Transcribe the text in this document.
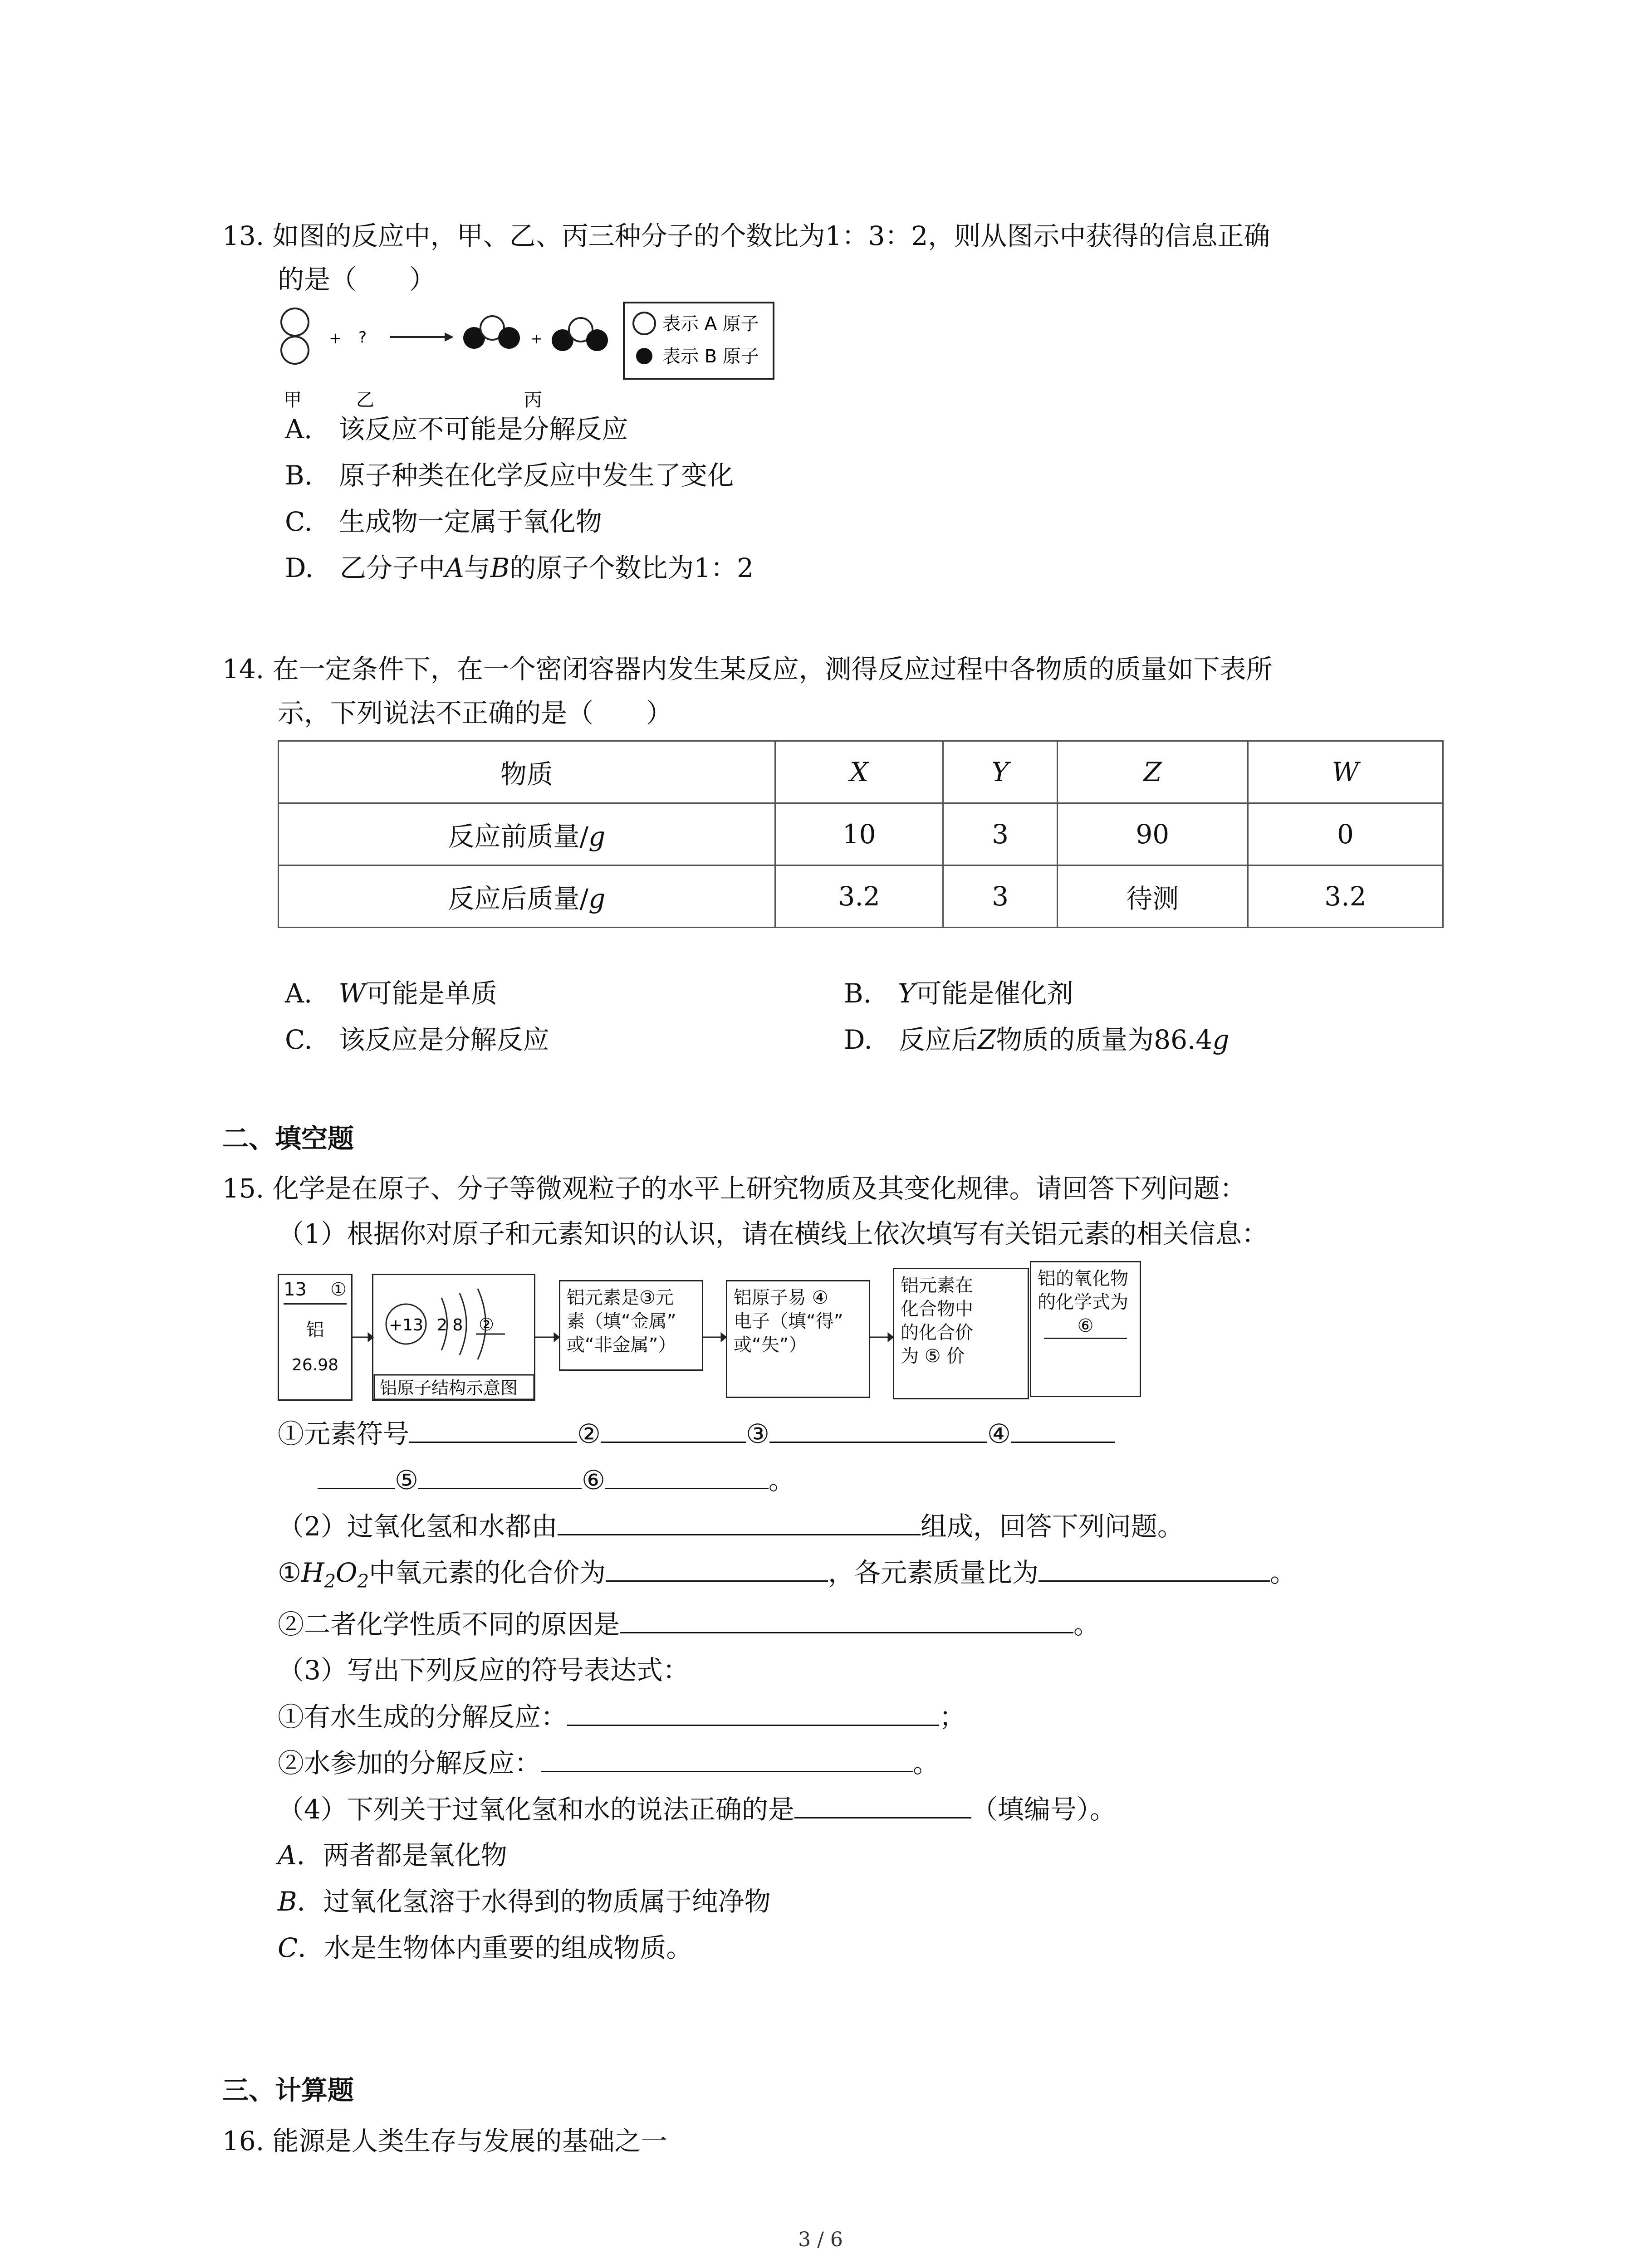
13. 如图的反应中，甲、乙、丙三种分子的个数比为1：3：2，则从图示中获得的信息正确
的是（　　）
+ ?	+
表示 A 原子
表示 B 原子
甲	乙	丙
A.　该反应不可能是分解反应
B.　原子种类在化学反应中发生了变化
C.　生成物一定属于氧化物
D.　乙分子中A与B的原子个数比为1：2
14. 在一定条件下，在一个密闭容器内发生某反应，测得反应过程中各物质的质量如下表所
示，下列说法不正确的是（　　）
物质	X	Y	Z	W
反应前质量/g	10	3	90	0
反应后质量/g	3.2	3	待测	3.2
A.　W可能是单质	B.　Y可能是催化剂
C.　该反应是分解反应	D.　反应后Z物质的质量为86.4g
二、填空题
15. 化学是在原子、分子等微观粒子的水平上研究物质及其变化规律。请回答下列问题：
（1）根据你对原子和元素知识的认识，请在横线上依次填写有关铝元素的相关信息：
13 ①
铝
26.98
+13 2 8 ②
铝原子结构示意图
铝元素是③元
素（填“金属”
或“非金属”）
铝原子易 ④
电子（填“得”
或“失”）
铝元素在
化合物中
的化合价
为 ⑤ 价
铝的氧化物
的化学式为
⑥
①元素符号	②	③	④
⑤	⑥	。
（2）过氧化氢和水都由	组成，回答下列问题。
$①H_2O_2$中氧元素的化合价为	，各元素质量比为	。
②二者化学性质不同的原因是	。
（3）写出下列反应的符号表达式：
①有水生成的分解反应：	；
②水参加的分解反应：	。
（4）下列关于过氧化氢和水的说法正确的是	（填编号）。
A．两者都是氧化物
B．过氧化氢溶于水得到的物质属于纯净物
C．水是生物体内重要的组成物质。
三、计算题
16. 能源是人类生存与发展的基础之一
3 / 6
